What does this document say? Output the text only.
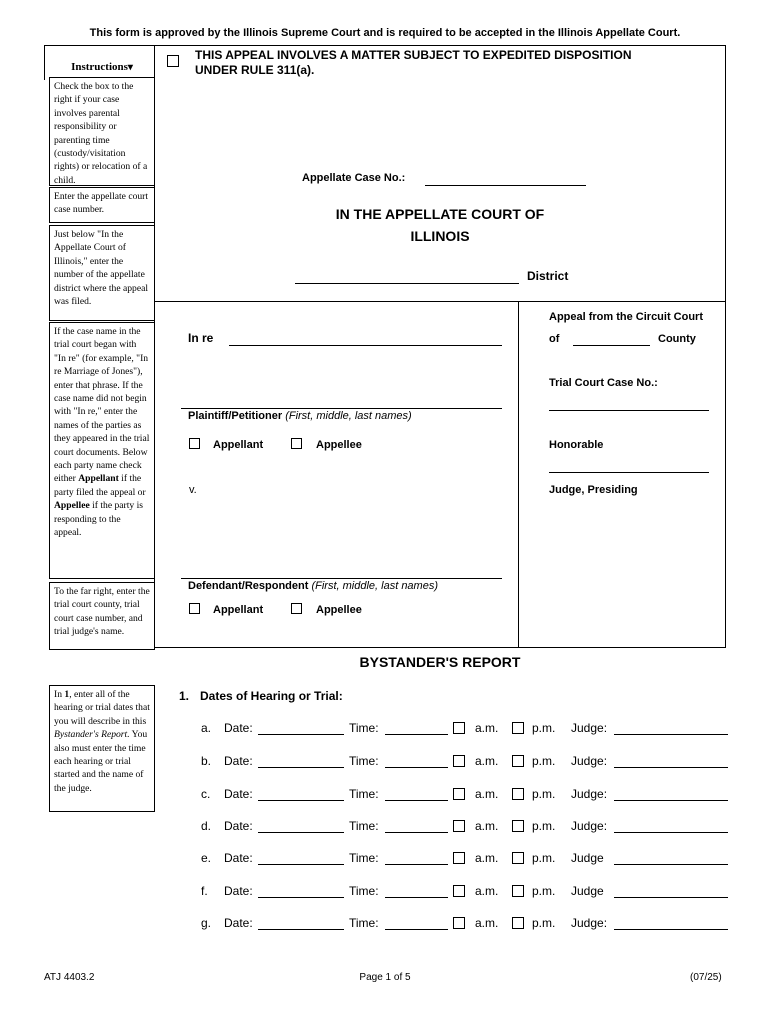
This form is approved by the Illinois Supreme Court and is required to be accepted in the Illinois Appellate Court.
Instructions▾
Check the box to the right if your case involves parental responsibility or parenting time (custody/visitation rights) or relocation of a child.
Enter the appellate court case number.
Just below "In the Appellate Court of Illinois," enter the number of the appellate district where the appeal was filed.
If the case name in the trial court began with "In re" (for example, "In re Marriage of Jones"), enter that phrase. If the case name did not begin with "In re," enter the names of the parties as they appeared in the trial court documents. Below each party name check either Appellant if the party filed the appeal or Appellee if the party is responding to the appeal.
To the far right, enter the trial court county, trial court case number, and trial judge's name.
In 1, enter all of the hearing or trial dates that you will describe in this Bystander's Report. You also must enter the time each hearing or trial started and the name of the judge.
THIS APPEAL INVOLVES A MATTER SUBJECT TO EXPEDITED DISPOSITION
UNDER RULE 311(a).
Appellate Case No.:
IN THE APPELLATE COURT OF
ILLINOIS
District
In re
Plaintiff/Petitioner (First, middle, last names)
Appellant	Appellee
v.
Defendant/Respondent (First, middle, last names)
Appellant	Appellee
Appeal from the Circuit Court
of	County
Trial Court Case No.:
Honorable
Judge, Presiding
BYSTANDER'S REPORT
1. Dates of Hearing or Trial:
a. Date:	Time:	a.m.	p.m. Judge:
b. Date:	Time:	a.m.	p.m. Judge:
c. Date:	Time:	a.m.	p.m. Judge:
d. Date:	Time:	a.m.	p.m. Judge:
e. Date:	Time:	a.m.	p.m. Judge
f. Date:	Time:	a.m.	p.m. Judge
g. Date:	Time:	a.m.	p.m. Judge:
ATJ 4403.2	Page 1 of 5	(07/25)
